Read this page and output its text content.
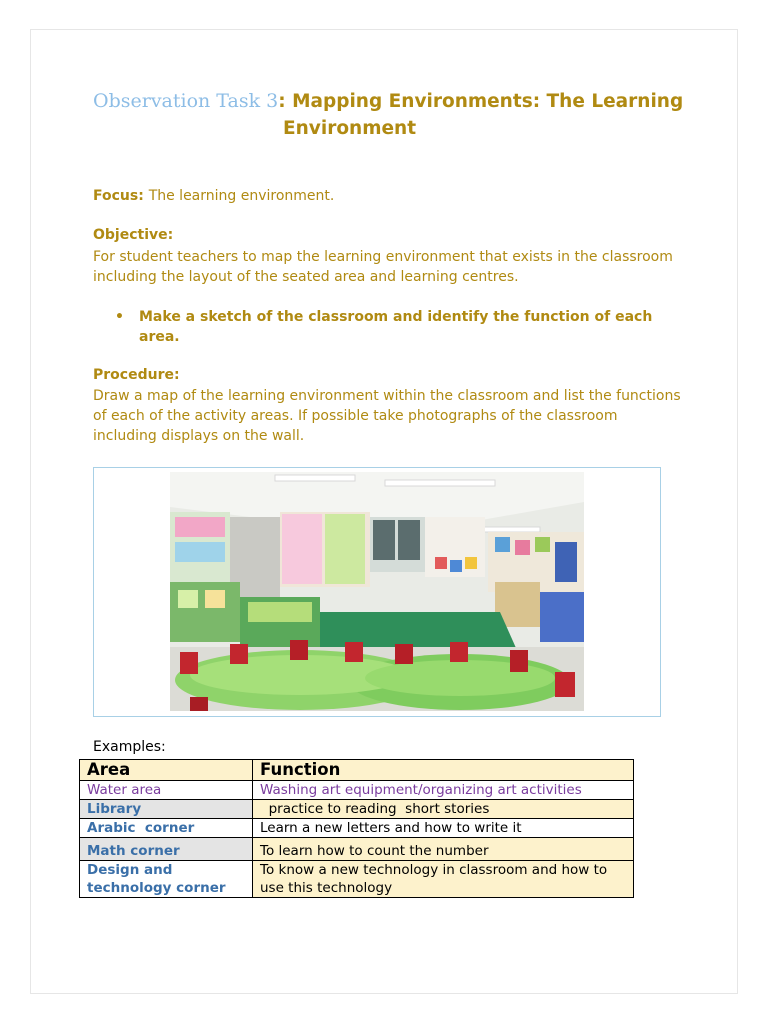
Observation Task 3: Mapping Environments: The Learning
Environment
Focus: The learning environment.
Objective:
For student teachers to map the learning environment that exists in the classroom including the layout of the seated area and learning centres.
•	Make a sketch of the classroom and identify the function of each area.
Procedure:
Draw a map of the learning environment within the classroom and list the functions of each of the activity areas. If possible take photographs of the classroom including displays on the wall.
Examples:
Area	Function
Water area	Washing art equipment/organizing art activities
Library	practice to reading  short stories
Arabic  corner	Learn a new letters and how to write it
Math corner	To learn how to count the number
Design and technology corner	To know a new technology in classroom and how to use this technology
